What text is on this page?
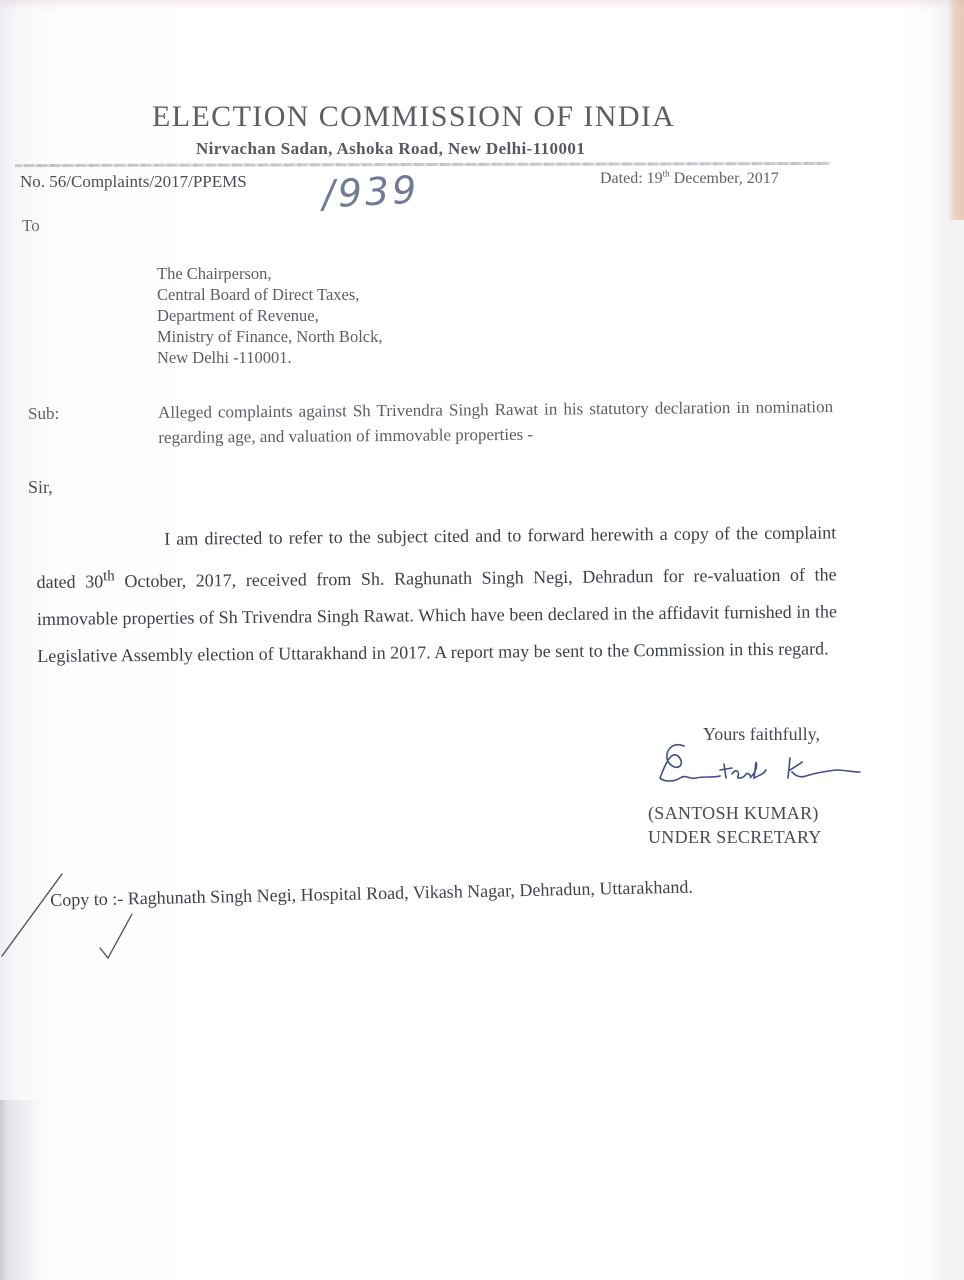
ELECTION COMMISSION OF INDIA
Nirvachan Sadan, Ashoka Road, New Delhi-110001
No. 56/Complaints/2017/PPEMS /939	Dated: 19th December, 2017
To
The Chairperson,
Central Board of Direct Taxes,
Department of Revenue,
Ministry of Finance, North Bolck,
New Delhi -110001.
Sub:	Alleged complaints against Sh Trivendra Singh Rawat in his statutory declaration in nomination regarding age, and valuation of immovable properties -
Sir,
I am directed to refer to the subject cited and to forward herewith a copy of the complaint dated 30th October, 2017, received from Sh. Raghunath Singh Negi, Dehradun for re-valuation of the immovable properties of Sh Trivendra Singh Rawat. Which have been declared in the affidavit furnished in the Legislative Assembly election of Uttarakhand in 2017. A report may be sent to the Commission in this regard.
Yours faithfully,
(SANTOSH KUMAR)
UNDER SECRETARY
Copy to :- Raghunath Singh Negi, Hospital Road, Vikash Nagar, Dehradun, Uttarakhand.
